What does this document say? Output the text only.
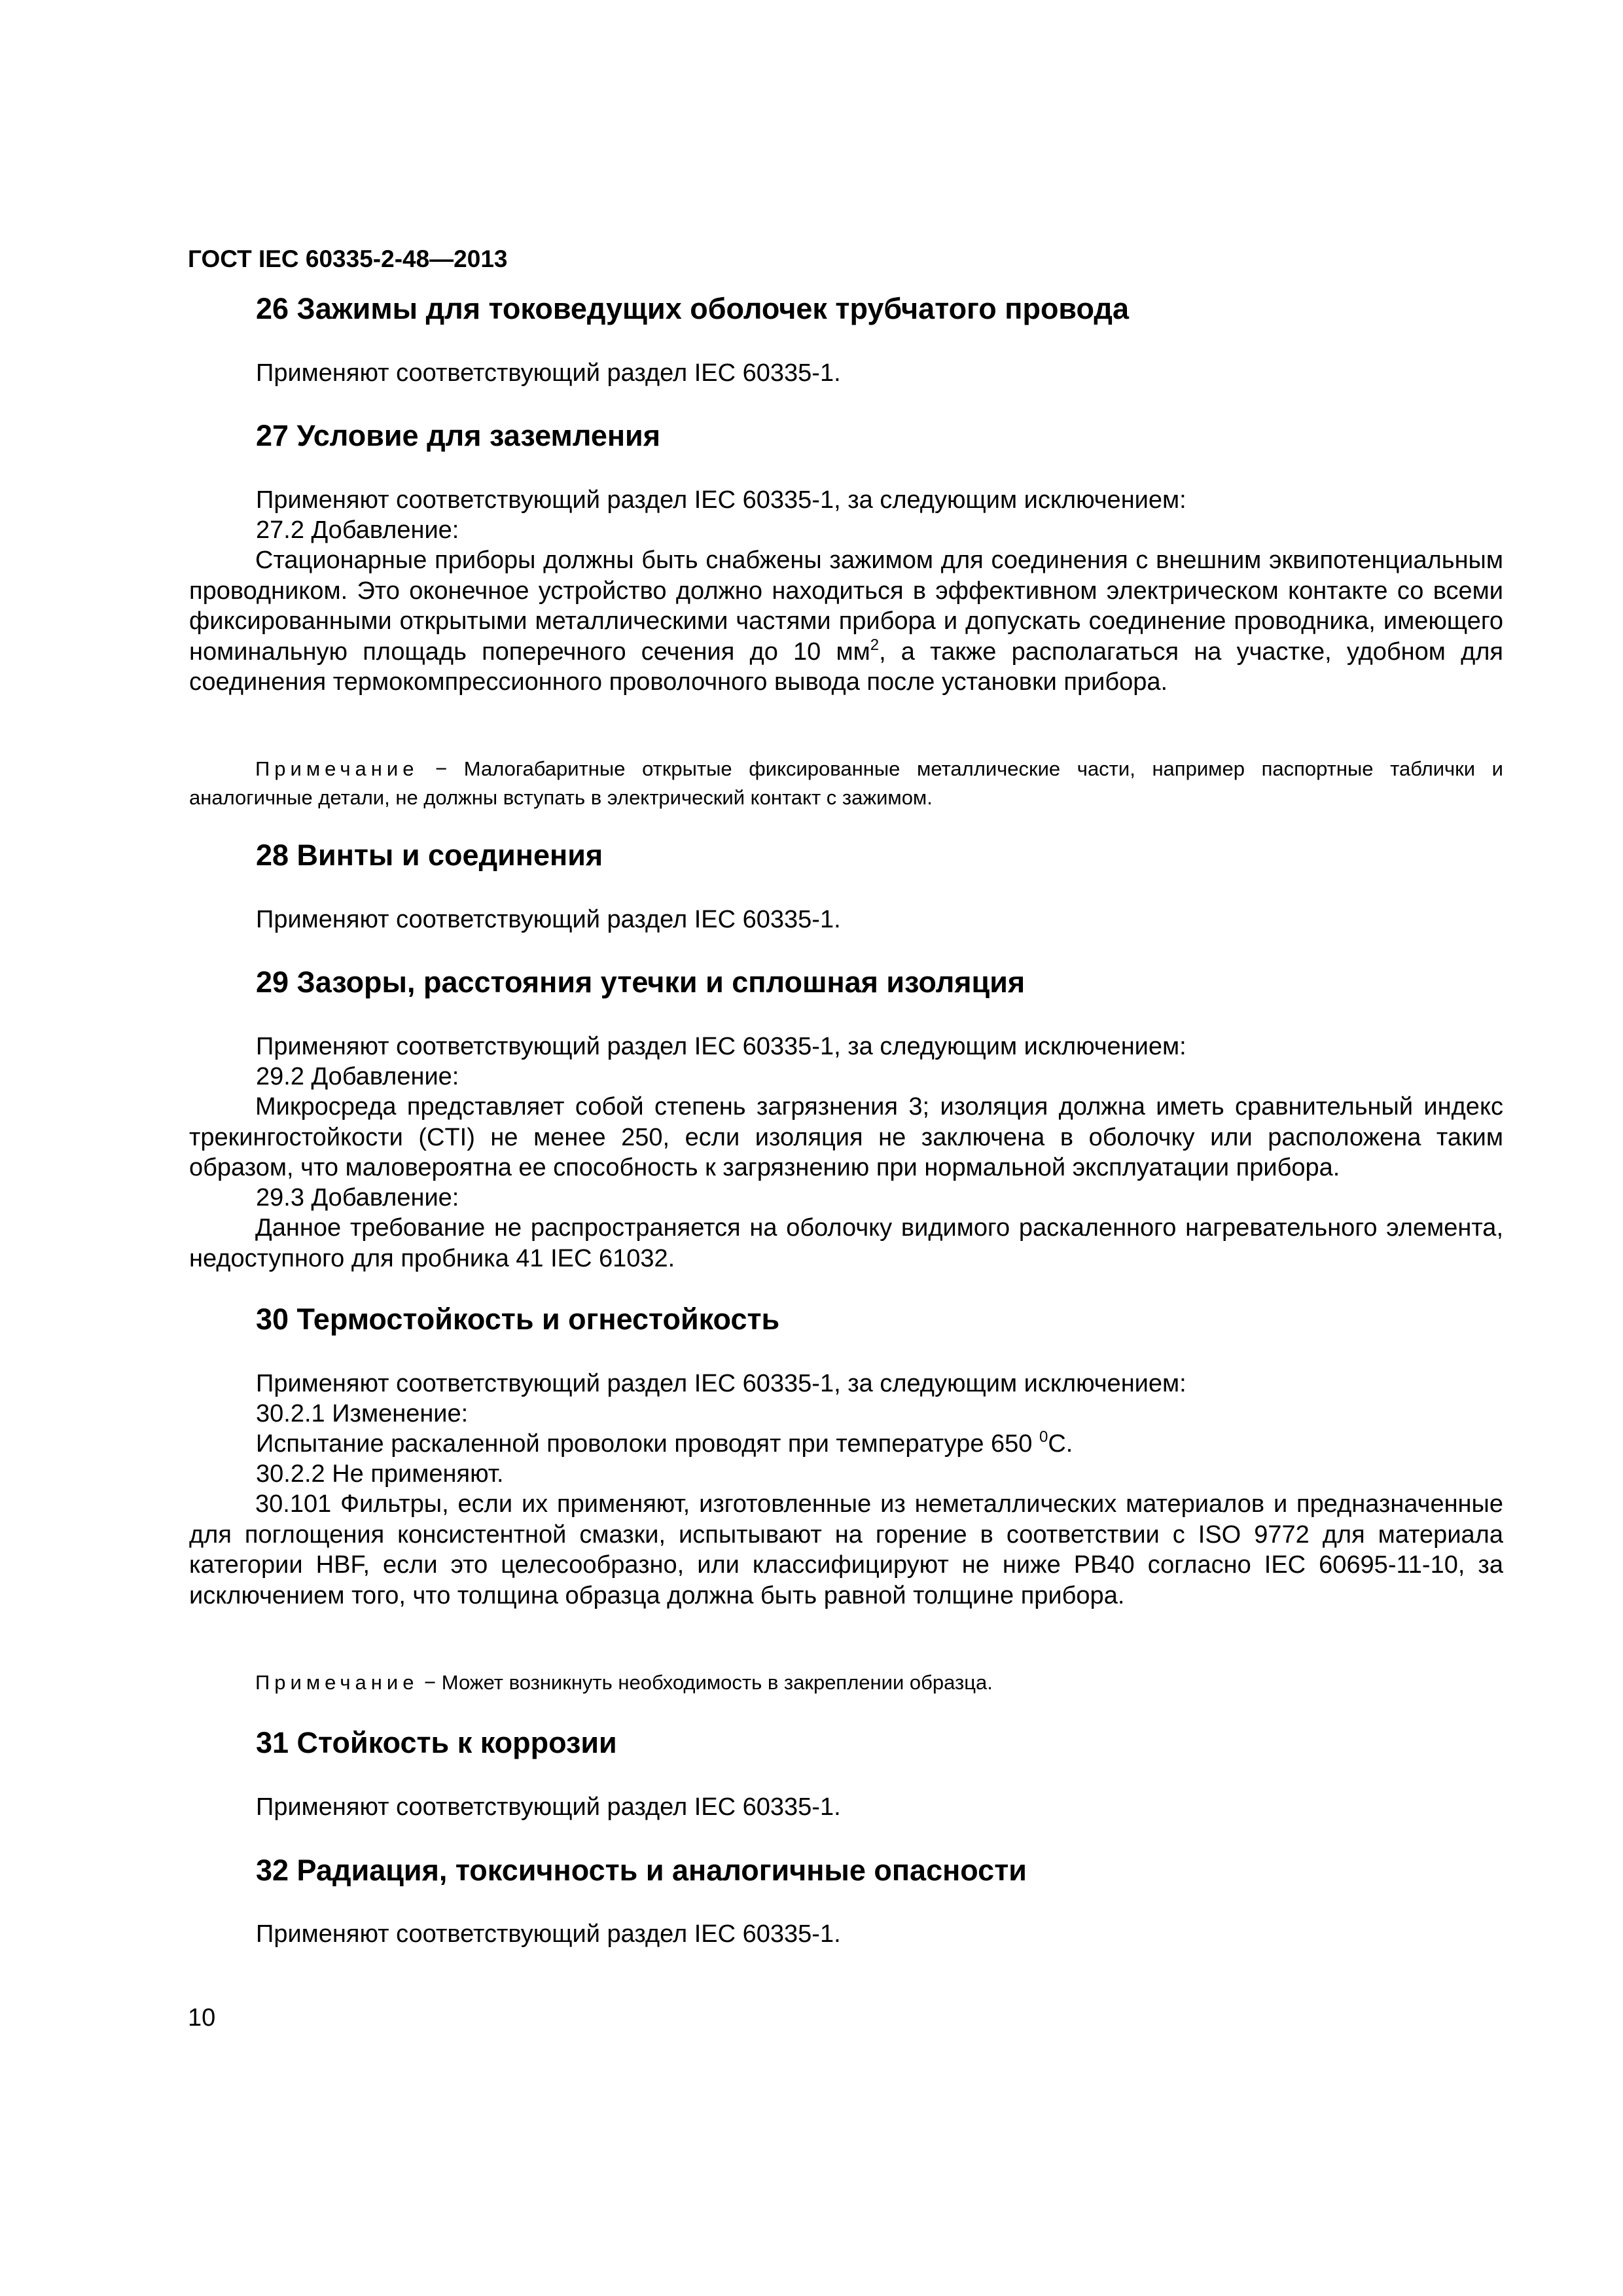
ГОСТ IEC 60335-2-48—2013

26 Зажимы для токоведущих оболочек трубчатого провода

Применяют соответствующий раздел IEC 60335-1.

27 Условие для заземления

Применяют соответствующий раздел IEC 60335-1, за следующим исключением:

27.2 Добавление:

Стационарные приборы должны быть снабжены зажимом для соединения с внешним эквипотенциальным проводником. Это оконечное устройство должно находиться в эффективном электрическом контакте со всеми фиксированными открытыми металлическими частями прибора и допускать соединение проводника, имеющего номинальную площадь поперечного сечения до 10 $мм^2$, а также располагаться на участке, удобном для соединения термокомпрессионного проволочного вывода после установки прибора.

Примечание − Малогабаритные открытые фиксированные металлические части, например паспортные таблички и аналогичные детали, не должны вступать в электрический контакт с зажимом.

28 Винты и соединения

Применяют соответствующий раздел IEC 60335-1.

29 Зазоры, расстояния утечки и сплошная изоляция

Применяют соответствующий раздел IEC 60335-1, за следующим исключением:

29.2 Добавление:

Микросреда представляет собой степень загрязнения 3; изоляция должна иметь сравнительный индекс трекингостойкости (CTI) не менее 250, если изоляция не заключена в оболочку или расположена таким образом, что маловероятна ее способность к загрязнению при нормальной эксплуатации прибора.

29.3 Добавление:

Данное требование не распространяется на оболочку видимого раскаленного нагревательного элемента, недоступного для пробника 41 IEC 61032.

30 Термостойкость и огнестойкость

Применяют соответствующий раздел IEC 60335-1, за следующим исключением:

30.2.1 Изменение:

Испытание раскаленной проволоки проводят при температуре 650 $^0$С.

30.2.2 Не применяют.

30.101 Фильтры, если их применяют, изготовленные из неметаллических материалов и предназначенные для поглощения консистентной смазки, испытывают на горение в соответствии с ISO 9772 для материала категории HBF, если это целесообразно, или классифицируют не ниже PB40 согласно IEC 60695-11-10, за исключением того, что толщина образца должна быть равной толщине прибора.

Примечание − Может возникнуть необходимость в закреплении образца.

31 Стойкость к коррозии

Применяют соответствующий раздел IEC 60335-1.

32 Радиация, токсичность и аналогичные опасности

Применяют соответствующий раздел IEC 60335-1.

10
